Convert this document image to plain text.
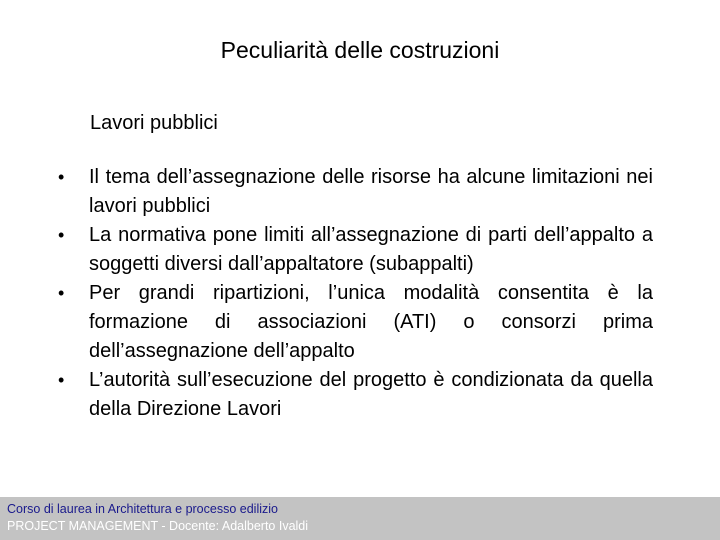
Peculiarità delle costruzioni
Lavori pubblici
• Il tema dell’assegnazione delle risorse ha alcune limitazioni nei lavori pubblici
• La normativa pone limiti all’assegnazione di parti dell’appalto a soggetti diversi dall’appaltatore (subappalti)
• Per grandi ripartizioni, l’unica modalità consentita è la formazione di associazioni (ATI) o consorzi prima dell’assegnazione dell’appalto
• L’autorità sull’esecuzione del progetto è condizionata da quella della Direzione Lavori
Corso di laurea in Architettura e processo edilizio
PROJECT MANAGEMENT - Docente: Adalberto Ivaldi
